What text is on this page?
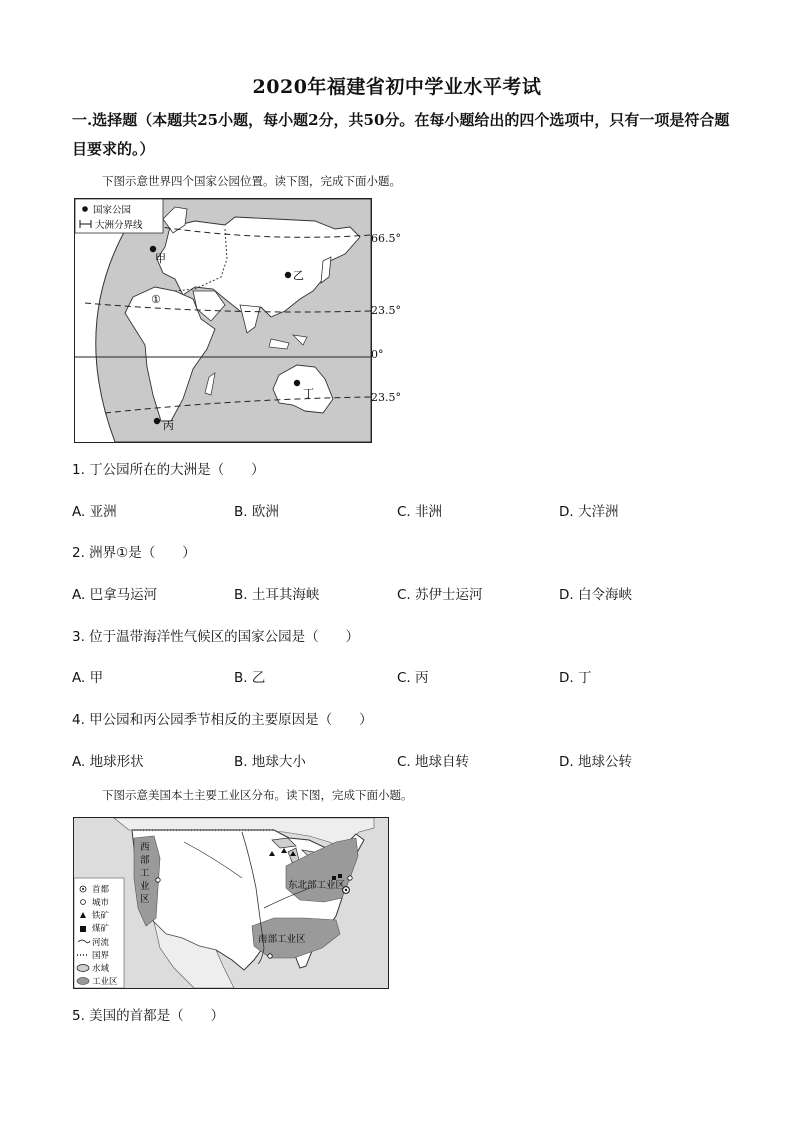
2020年福建省初中学业水平考试
一.选择题（本题共25小题，每小题2分，共50分。在每小题给出的四个选项中，只有一项是符合题目要求的。）
下图示意世界四个国家公园位置。读下图，完成下面小题。
国家公园
大洲分界线
甲
乙
丙
丁
①
66.5°
23.5°
0°
23.5°
1. 丁公园所在的大洲是（　　）
A. 亚洲	B. 欧洲	C. 非洲	D. 大洋洲
2. 洲界①是（　　）
A. 巴拿马运河	B. 土耳其海峡	C. 苏伊士运河	D. 白令海峡
3. 位于温带海洋性气候区的国家公园是（　　）
A. 甲	B. 乙	C. 丙	D. 丁
4. 甲公园和丙公园季节相反的主要原因是（　　）
A. 地球形状	B. 地球大小	C. 地球自转	D. 地球公转
下图示意美国本土主要工业区分布。读下图，完成下面小题。
西
部
工
业
区
东北部工业区
南部工业区
首都
城市
铁矿
煤矿
河流
国界
水域
工业区
5. 美国的首都是（　　）
